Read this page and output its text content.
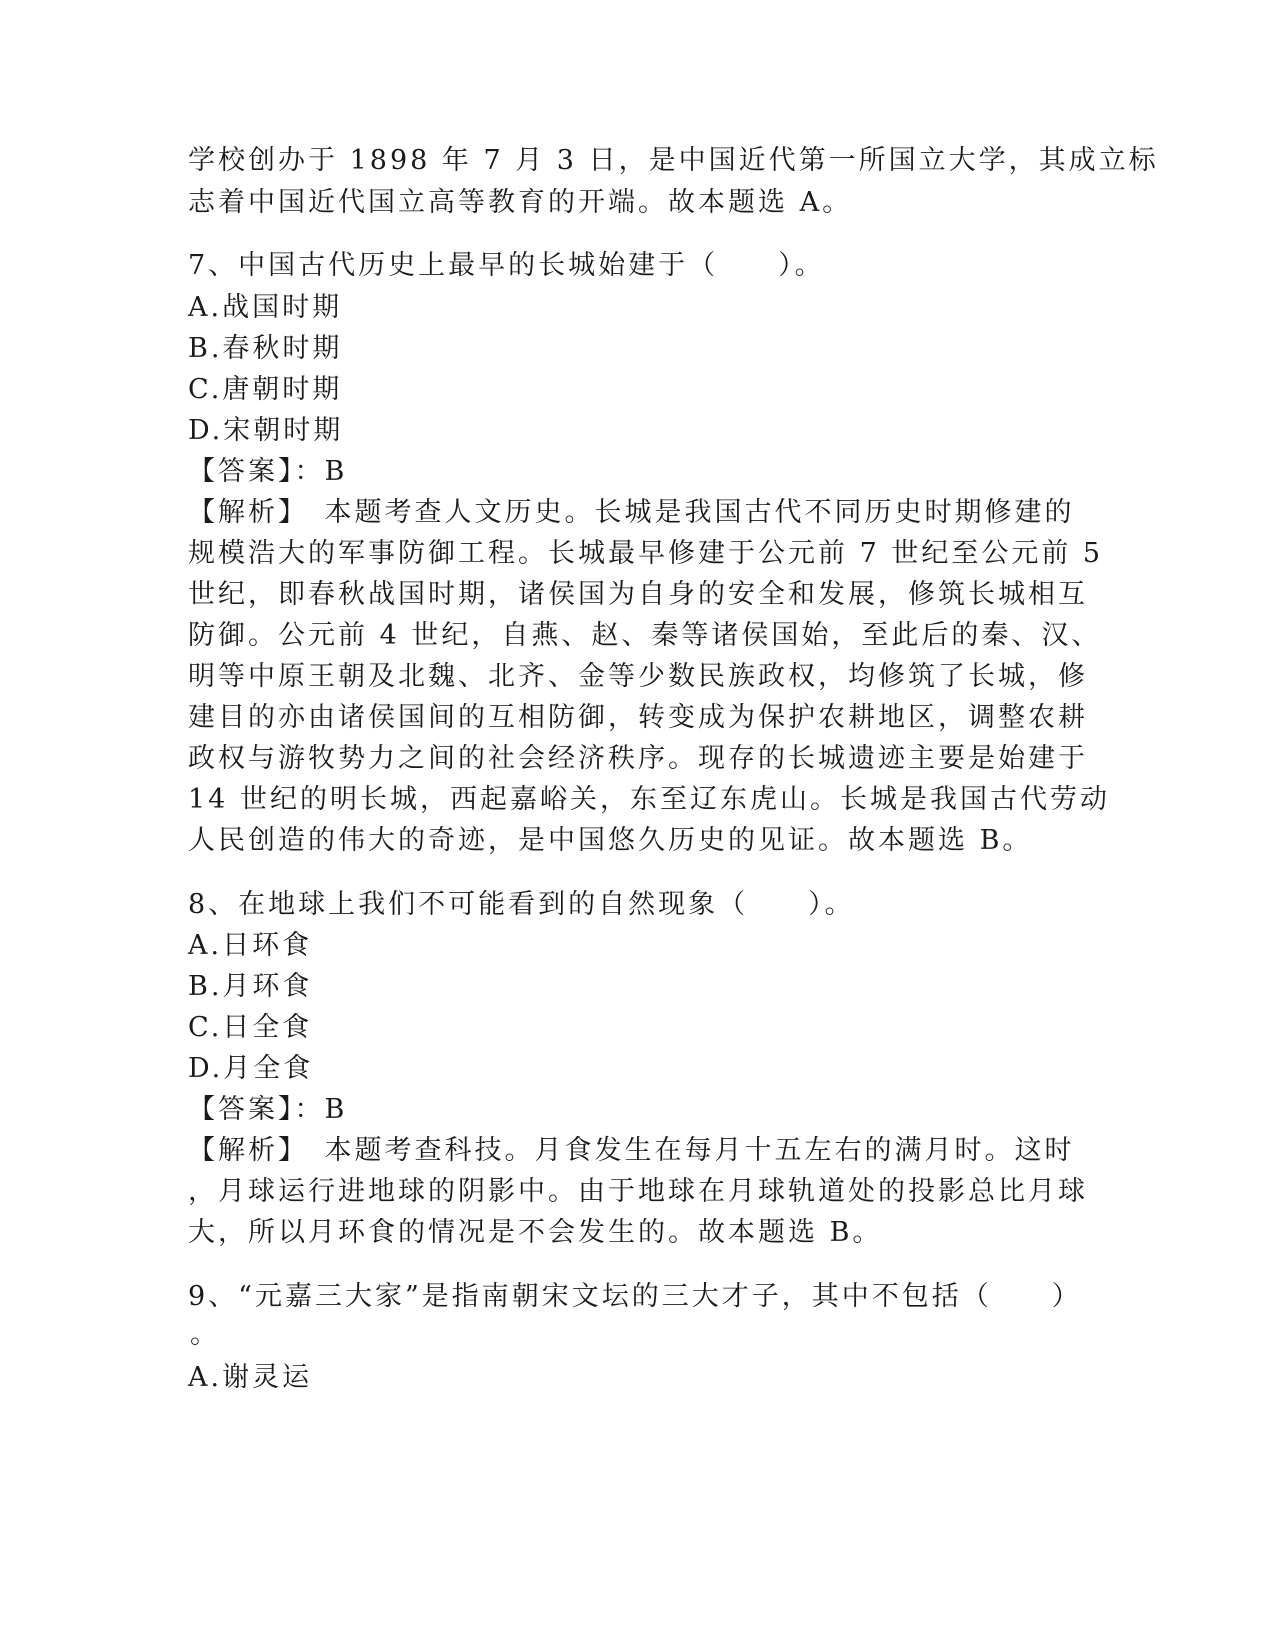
学校创办于 1898 年 7 月 3 日，是中国近代第一所国立大学，其成立标
志着中国近代国立高等教育的开端。故本题选 A。
7、中国古代历史上最早的长城始建于（　　）。
A.战国时期
B.春秋时期
C.唐朝时期
D.宋朝时期
【答案】：B
【解析】　本题考查人文历史。长城是我国古代不同历史时期修建的
规模浩大的军事防御工程。长城最早修建于公元前 7 世纪至公元前 5
世纪，即春秋战国时期，诸侯国为自身的安全和发展，修筑长城相互
防御。公元前 4 世纪，自燕、赵、秦等诸侯国始，至此后的秦、汉、
明等中原王朝及北魏、北齐、金等少数民族政权，均修筑了长城，修
建目的亦由诸侯国间的互相防御，转变成为保护农耕地区，调整农耕
政权与游牧势力之间的社会经济秩序。现存的长城遗迹主要是始建于
14 世纪的明长城，西起嘉峪关，东至辽东虎山。长城是我国古代劳动
人民创造的伟大的奇迹，是中国悠久历史的见证。故本题选 B。
8、在地球上我们不可能看到的自然现象（　　）。
A.日环食
B.月环食
C.日全食
D.月全食
【答案】：B
【解析】　本题考查科技。月食发生在每月十五左右的满月时。这时
，月球运行进地球的阴影中。由于地球在月球轨道处的投影总比月球
大，所以月环食的情况是不会发生的。故本题选 B。
9、“元嘉三大家”是指南朝宋文坛的三大才子，其中不包括（　　）
。
A.谢灵运
